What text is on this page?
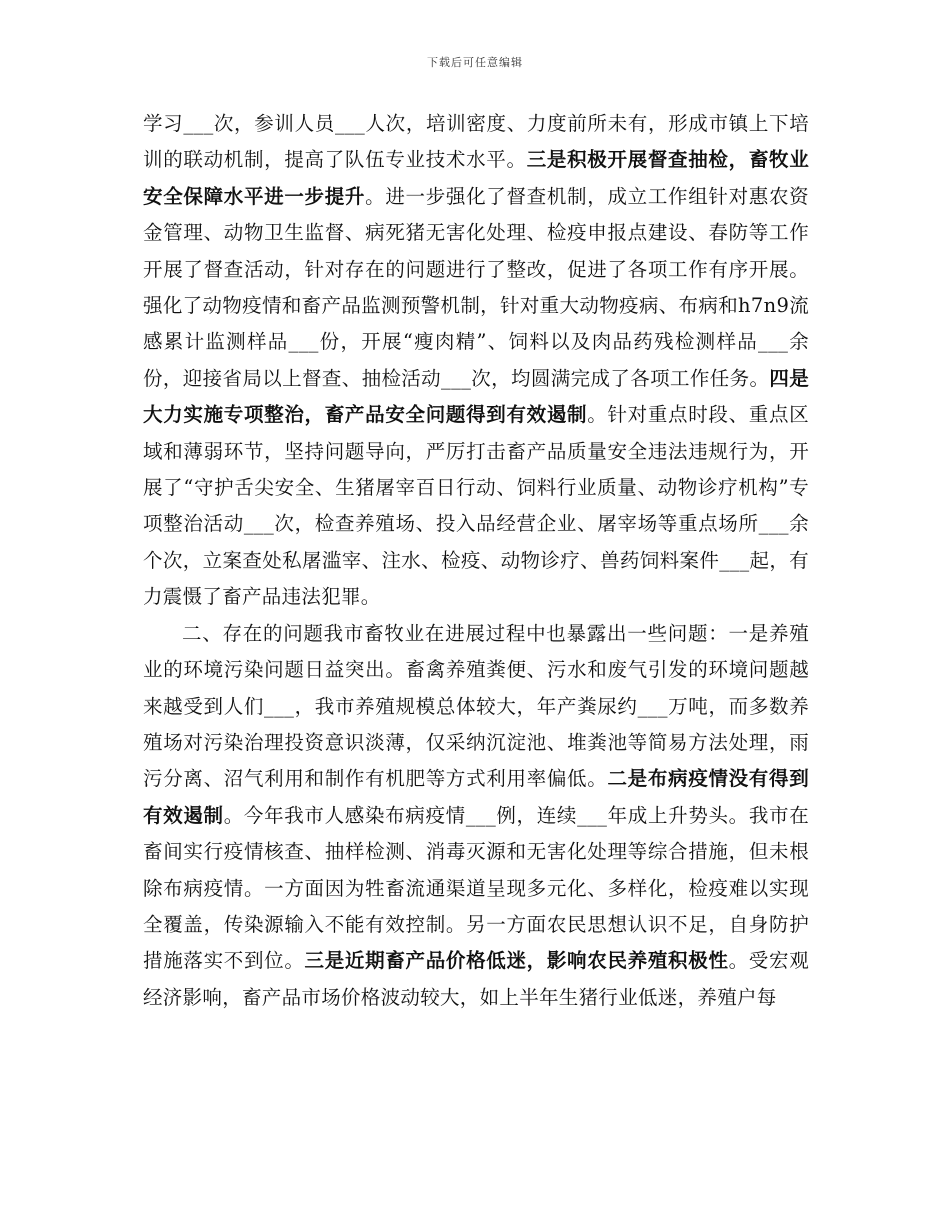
下载后可任意编辑

学习___次，参训人员___人次，培训密度、力度前所未有，形成市镇上下培训的联动机制，提高了队伍专业技术水平。三是积极开展督查抽检，畜牧业安全保障水平进一步提升。进一步强化了督查机制，成立工作组针对惠农资金管理、动物卫生监督、病死猪无害化处理、检疫申报点建设、春防等工作开展了督查活动，针对存在的问题进行了整改，促进了各项工作有序开展。强化了动物疫情和畜产品监测预警机制，针对重大动物疫病、布病和h7n9流感累计监测样品___份，开展“瘦肉精”、饲料以及肉品药残检测样品___余份，迎接省局以上督查、抽检活动___次，均圆满完成了各项工作任务。四是大力实施专项整治，畜产品安全问题得到有效遏制。针对重点时段、重点区域和薄弱环节，坚持问题导向，严厉打击畜产品质量安全违法违规行为，开展了“守护舌尖安全、生猪屠宰百日行动、饲料行业质量、动物诊疗机构”专项整治活动___次，检查养殖场、投入品经营企业、屠宰场等重点场所___余个次，立案查处私屠滥宰、注水、检疫、动物诊疗、兽药饲料案件___起，有力震慑了畜产品违法犯罪。

二、存在的问题我市畜牧业在进展过程中也暴露出一些问题：一是养殖业的环境污染问题日益突出。畜禽养殖粪便、污水和废气引发的环境问题越来越受到人们___，我市养殖规模总体较大，年产粪尿约___万吨，而多数养殖场对污染治理投资意识淡薄，仅采纳沉淀池、堆粪池等简易方法处理，雨污分离、沼气利用和制作有机肥等方式利用率偏低。二是布病疫情没有得到有效遏制。今年我市人感染布病疫情___例，连续___年成上升势头。我市在畜间实行疫情核查、抽样检测、消毒灭源和无害化处理等综合措施，但未根除布病疫情。一方面因为牲畜流通渠道呈现多元化、多样化，检疫难以实现全覆盖，传染源输入不能有效控制。另一方面农民思想认识不足，自身防护措施落实不到位。三是近期畜产品价格低迷，影响农民养殖积极性。受宏观经济影响，畜产品市场价格波动较大，如上半年生猪行业低迷，养殖户每
